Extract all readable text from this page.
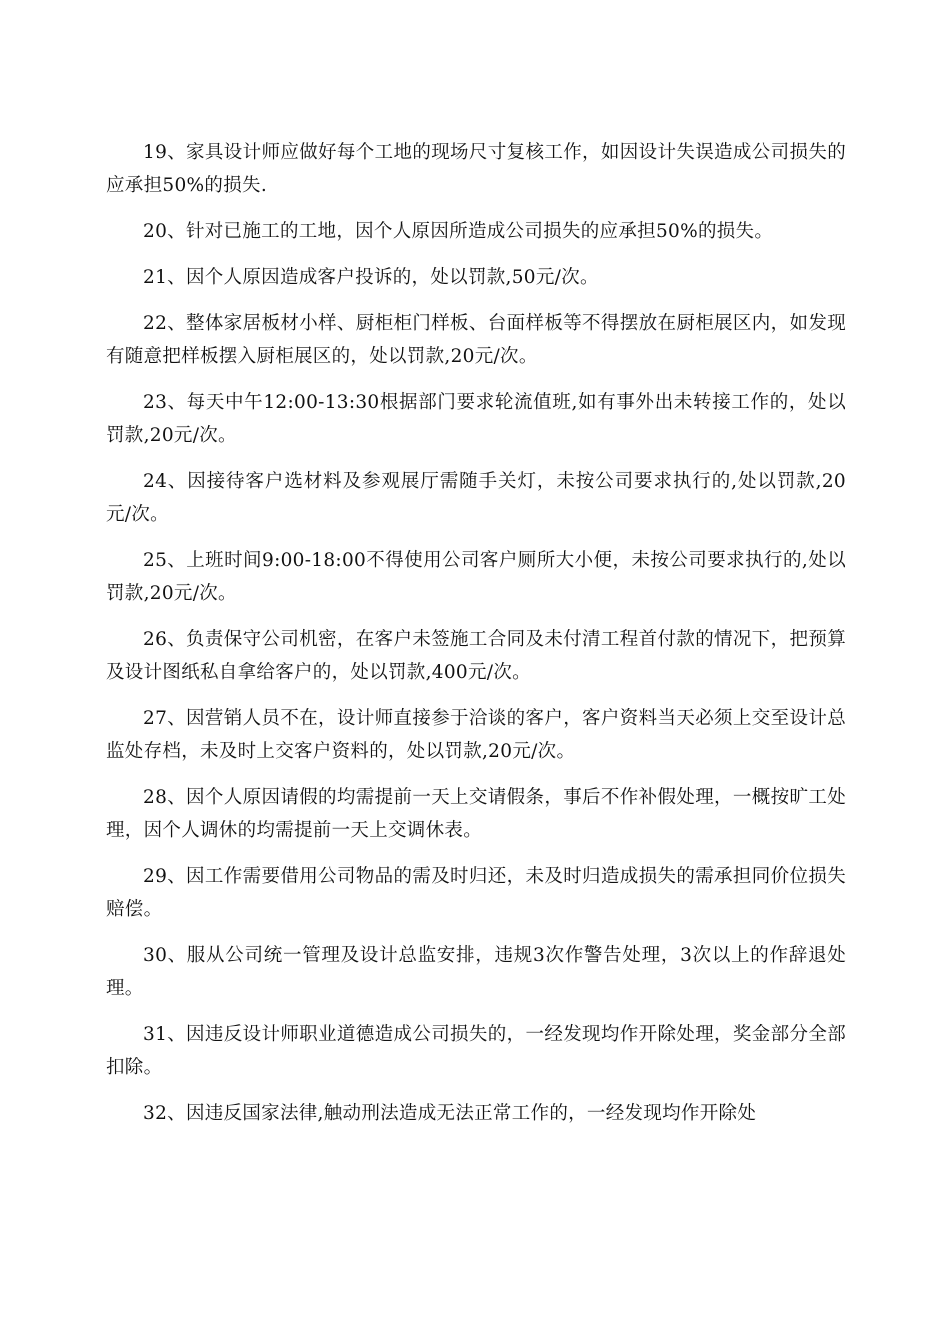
19、家具设计师应做好每个工地的现场尺寸复核工作，如因设计失误造成公司损失的应承担50%的损失.

20、针对已施工的工地，因个人原因所造成公司损失的应承担50%的损失。

21、因个人原因造成客户投诉的，处以罚款,50元/次。

22、整体家居板材小样、厨柜柜门样板、台面样板等不得摆放在厨柜展区内，如发现有随意把样板摆入厨柜展区的，处以罚款,20元/次。

23、每天中午12:00-13:30根据部门要求轮流值班,如有事外出未转接工作的，处以罚款,20元/次。

24、因接待客户选材料及参观展厅需随手关灯，未按公司要求执行的,处以罚款,20元/次。

25、上班时间9:00-18:00不得使用公司客户厕所大小便，未按公司要求执行的,处以罚款,20元/次。

26、负责保守公司机密，在客户未签施工合同及未付清工程首付款的情况下，把预算及设计图纸私自拿给客户的，处以罚款,400元/次。

27、因营销人员不在，设计师直接参于洽谈的客户，客户资料当天必须上交至设计总监处存档，未及时上交客户资料的，处以罚款,20元/次。

28、因个人原因请假的均需提前一天上交请假条，事后不作补假处理，一概按旷工处理，因个人调休的均需提前一天上交调休表。

29、因工作需要借用公司物品的需及时归还，未及时归造成损失的需承担同价位损失赔偿。

30、服从公司统一管理及设计总监安排，违规3次作警告处理，3次以上的作辞退处理。

31、因违反设计师职业道德造成公司损失的，一经发现均作开除处理，奖金部分全部扣除。

32、因违反国家法律,触动刑法造成无法正常工作的，一经发现均作开除处
